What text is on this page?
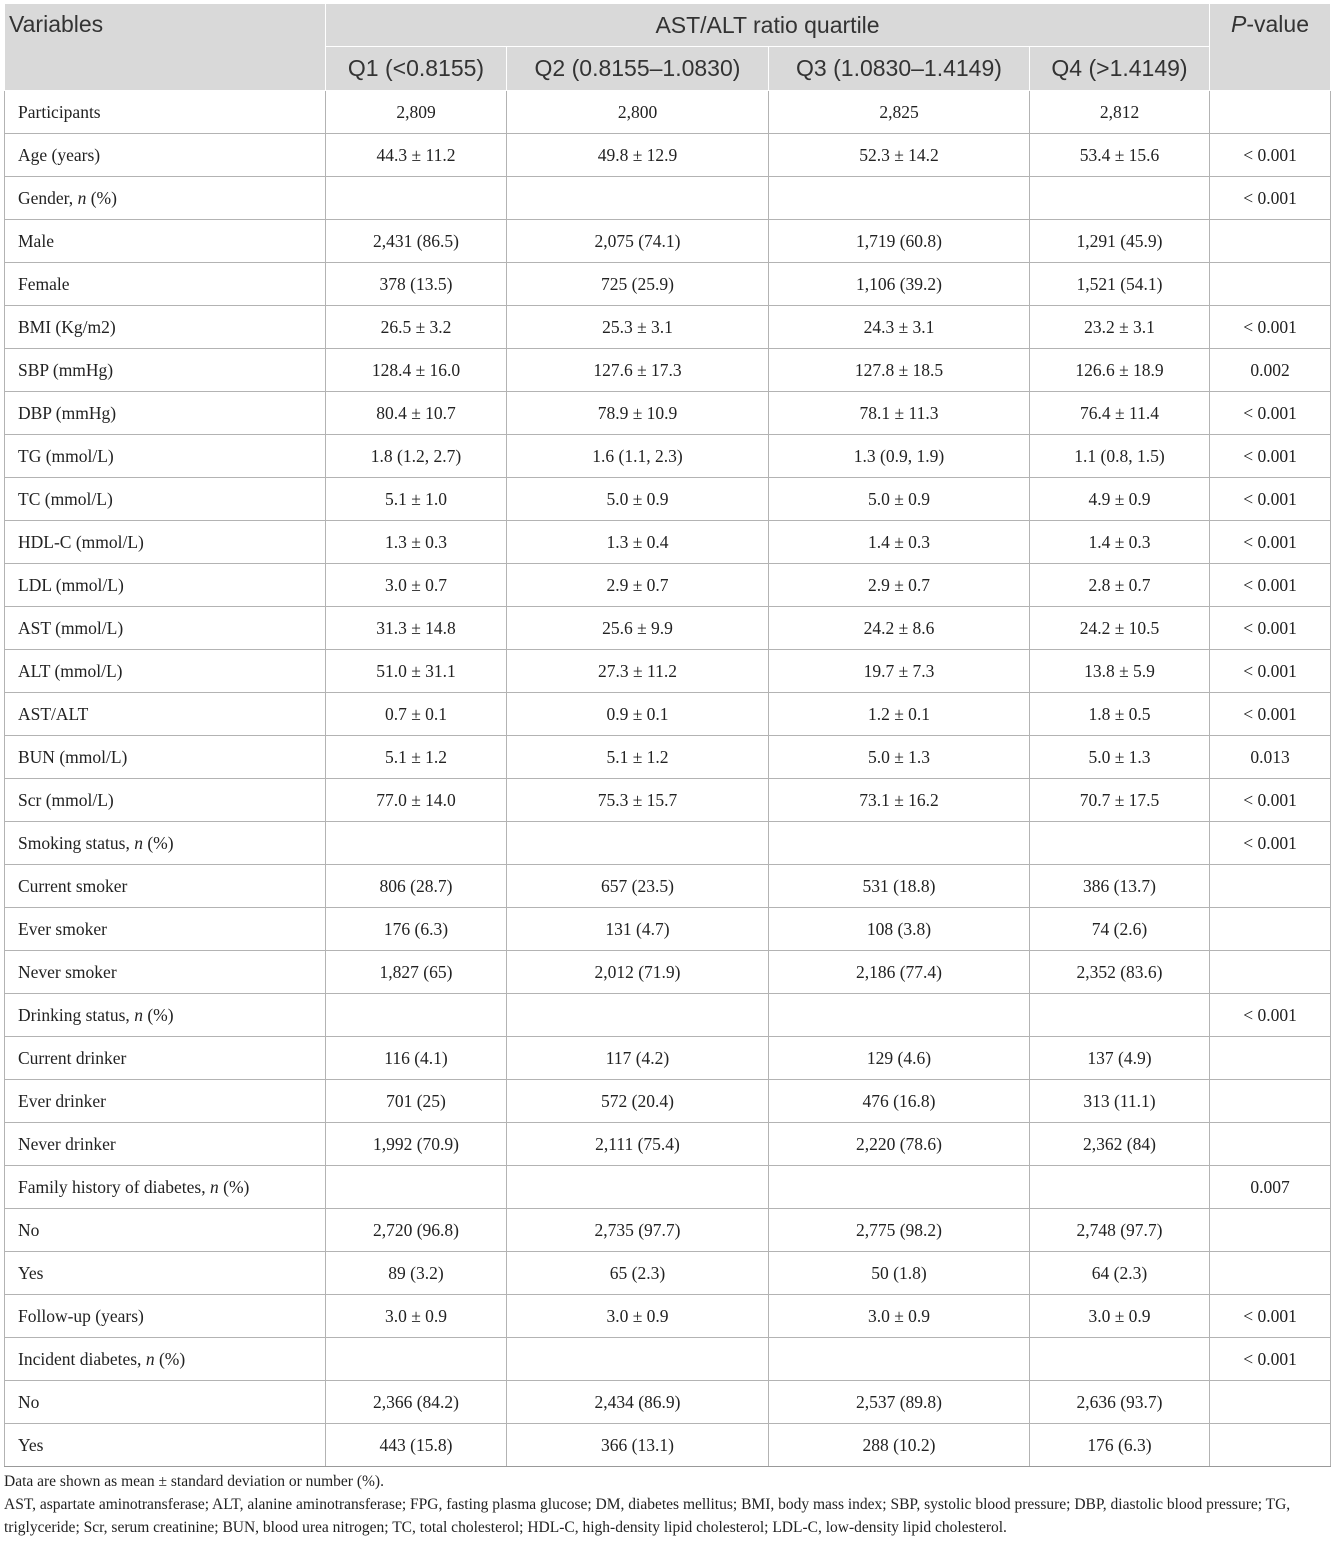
Variables	AST/ALT ratio quartile				P-value
	Q1 (<0.8155)	Q2 (0.8155–1.0830)	Q3 (1.0830–1.4149)	Q4 (>1.4149)	
Participants	2,809	2,800	2,825	2,812	
Age (years)	44.3 ± 11.2	49.8 ± 12.9	52.3 ± 14.2	53.4 ± 15.6	< 0.001
Gender, n (%)					< 0.001
Male	2,431 (86.5)	2,075 (74.1)	1,719 (60.8)	1,291 (45.9)	
Female	378 (13.5)	725 (25.9)	1,106 (39.2)	1,521 (54.1)	
BMI (Kg/m2)	26.5 ± 3.2	25.3 ± 3.1	24.3 ± 3.1	23.2 ± 3.1	< 0.001
SBP (mmHg)	128.4 ± 16.0	127.6 ± 17.3	127.8 ± 18.5	126.6 ± 18.9	0.002
DBP (mmHg)	80.4 ± 10.7	78.9 ± 10.9	78.1 ± 11.3	76.4 ± 11.4	< 0.001
TG (mmol/L)	1.8 (1.2, 2.7)	1.6 (1.1, 2.3)	1.3 (0.9, 1.9)	1.1 (0.8, 1.5)	< 0.001
TC (mmol/L)	5.1 ± 1.0	5.0 ± 0.9	5.0 ± 0.9	4.9 ± 0.9	< 0.001
HDL-C (mmol/L)	1.3 ± 0.3	1.3 ± 0.4	1.4 ± 0.3	1.4 ± 0.3	< 0.001
LDL (mmol/L)	3.0 ± 0.7	2.9 ± 0.7	2.9 ± 0.7	2.8 ± 0.7	< 0.001
AST (mmol/L)	31.3 ± 14.8	25.6 ± 9.9	24.2 ± 8.6	24.2 ± 10.5	< 0.001
ALT (mmol/L)	51.0 ± 31.1	27.3 ± 11.2	19.7 ± 7.3	13.8 ± 5.9	< 0.001
AST/ALT	0.7 ± 0.1	0.9 ± 0.1	1.2 ± 0.1	1.8 ± 0.5	< 0.001
BUN (mmol/L)	5.1 ± 1.2	5.1 ± 1.2	5.0 ± 1.3	5.0 ± 1.3	0.013
Scr (mmol/L)	77.0 ± 14.0	75.3 ± 15.7	73.1 ± 16.2	70.7 ± 17.5	< 0.001
Smoking status, n (%)					< 0.001
Current smoker	806 (28.7)	657 (23.5)	531 (18.8)	386 (13.7)	
Ever smoker	176 (6.3)	131 (4.7)	108 (3.8)	74 (2.6)	
Never smoker	1,827 (65)	2,012 (71.9)	2,186 (77.4)	2,352 (83.6)	
Drinking status, n (%)					< 0.001
Current drinker	116 (4.1)	117 (4.2)	129 (4.6)	137 (4.9)	
Ever drinker	701 (25)	572 (20.4)	476 (16.8)	313 (11.1)	
Never drinker	1,992 (70.9)	2,111 (75.4)	2,220 (78.6)	2,362 (84)	
Family history of diabetes, n (%)					0.007
No	2,720 (96.8)	2,735 (97.7)	2,775 (98.2)	2,748 (97.7)	
Yes	89 (3.2)	65 (2.3)	50 (1.8)	64 (2.3)	
Follow-up (years)	3.0 ± 0.9	3.0 ± 0.9	3.0 ± 0.9	3.0 ± 0.9	< 0.001
Incident diabetes, n (%)					< 0.001
No	2,366 (84.2)	2,434 (86.9)	2,537 (89.8)	2,636 (93.7)	
Yes	443 (15.8)	366 (13.1)	288 (10.2)	176 (6.3)	

Data are shown as mean ± standard deviation or number (%).

AST, aspartate aminotransferase; ALT, alanine aminotransferase; FPG, fasting plasma glucose; DM, diabetes mellitus; BMI, body mass index; SBP, systolic blood pressure; DBP, diastolic blood pressure; TG, triglyceride; Scr, serum creatinine; BUN, blood urea nitrogen; TC, total cholesterol; HDL-C, high-density lipid cholesterol; LDL-C, low-density lipid cholesterol.
